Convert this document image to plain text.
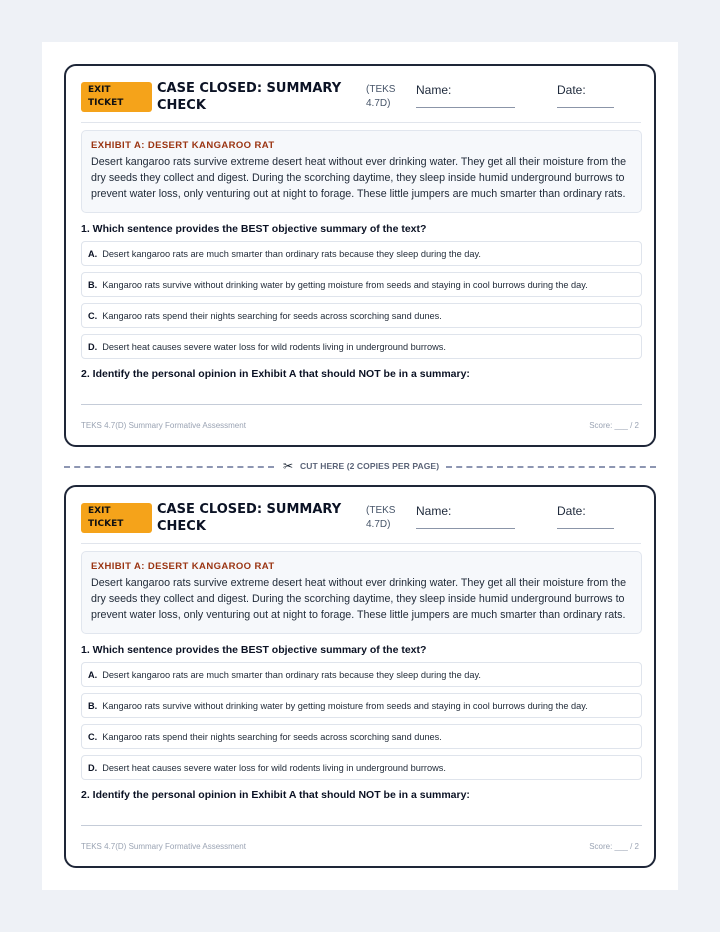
EXIT
TICKET
CASE CLOSED: SUMMARY CHECK
(TEKS 4.7D)
Name:	Date:
EXHIBIT A: DESERT KANGAROO RAT
Desert kangaroo rats survive extreme desert heat without ever drinking water. They get all their moisture from the dry seeds they collect and digest. During the scorching daytime, they sleep inside humid underground burrows to prevent water loss, only venturing out at night to forage. These little jumpers are much smarter than ordinary rats.
1. Which sentence provides the BEST objective summary of the text?
A. Desert kangaroo rats are much smarter than ordinary rats because they sleep during the day.
B. Kangaroo rats survive without drinking water by getting moisture from seeds and staying in cool burrows during the day.
C. Kangaroo rats spend their nights searching for seeds across scorching sand dunes.
D. Desert heat causes severe water loss for wild rodents living in underground burrows.
2. Identify the personal opinion in Exhibit A that should NOT be in a summary:
TEKS 4.7(D) Summary Formative Assessment	Score: ___ / 2
✂ CUT HERE (2 COPIES PER PAGE)
EXIT
TICKET
CASE CLOSED: SUMMARY CHECK
(TEKS 4.7D)
Name:	Date:
EXHIBIT A: DESERT KANGAROO RAT
Desert kangaroo rats survive extreme desert heat without ever drinking water. They get all their moisture from the dry seeds they collect and digest. During the scorching daytime, they sleep inside humid underground burrows to prevent water loss, only venturing out at night to forage. These little jumpers are much smarter than ordinary rats.
1. Which sentence provides the BEST objective summary of the text?
A. Desert kangaroo rats are much smarter than ordinary rats because they sleep during the day.
B. Kangaroo rats survive without drinking water by getting moisture from seeds and staying in cool burrows during the day.
C. Kangaroo rats spend their nights searching for seeds across scorching sand dunes.
D. Desert heat causes severe water loss for wild rodents living in underground burrows.
2. Identify the personal opinion in Exhibit A that should NOT be in a summary:
TEKS 4.7(D) Summary Formative Assessment	Score: ___ / 2
